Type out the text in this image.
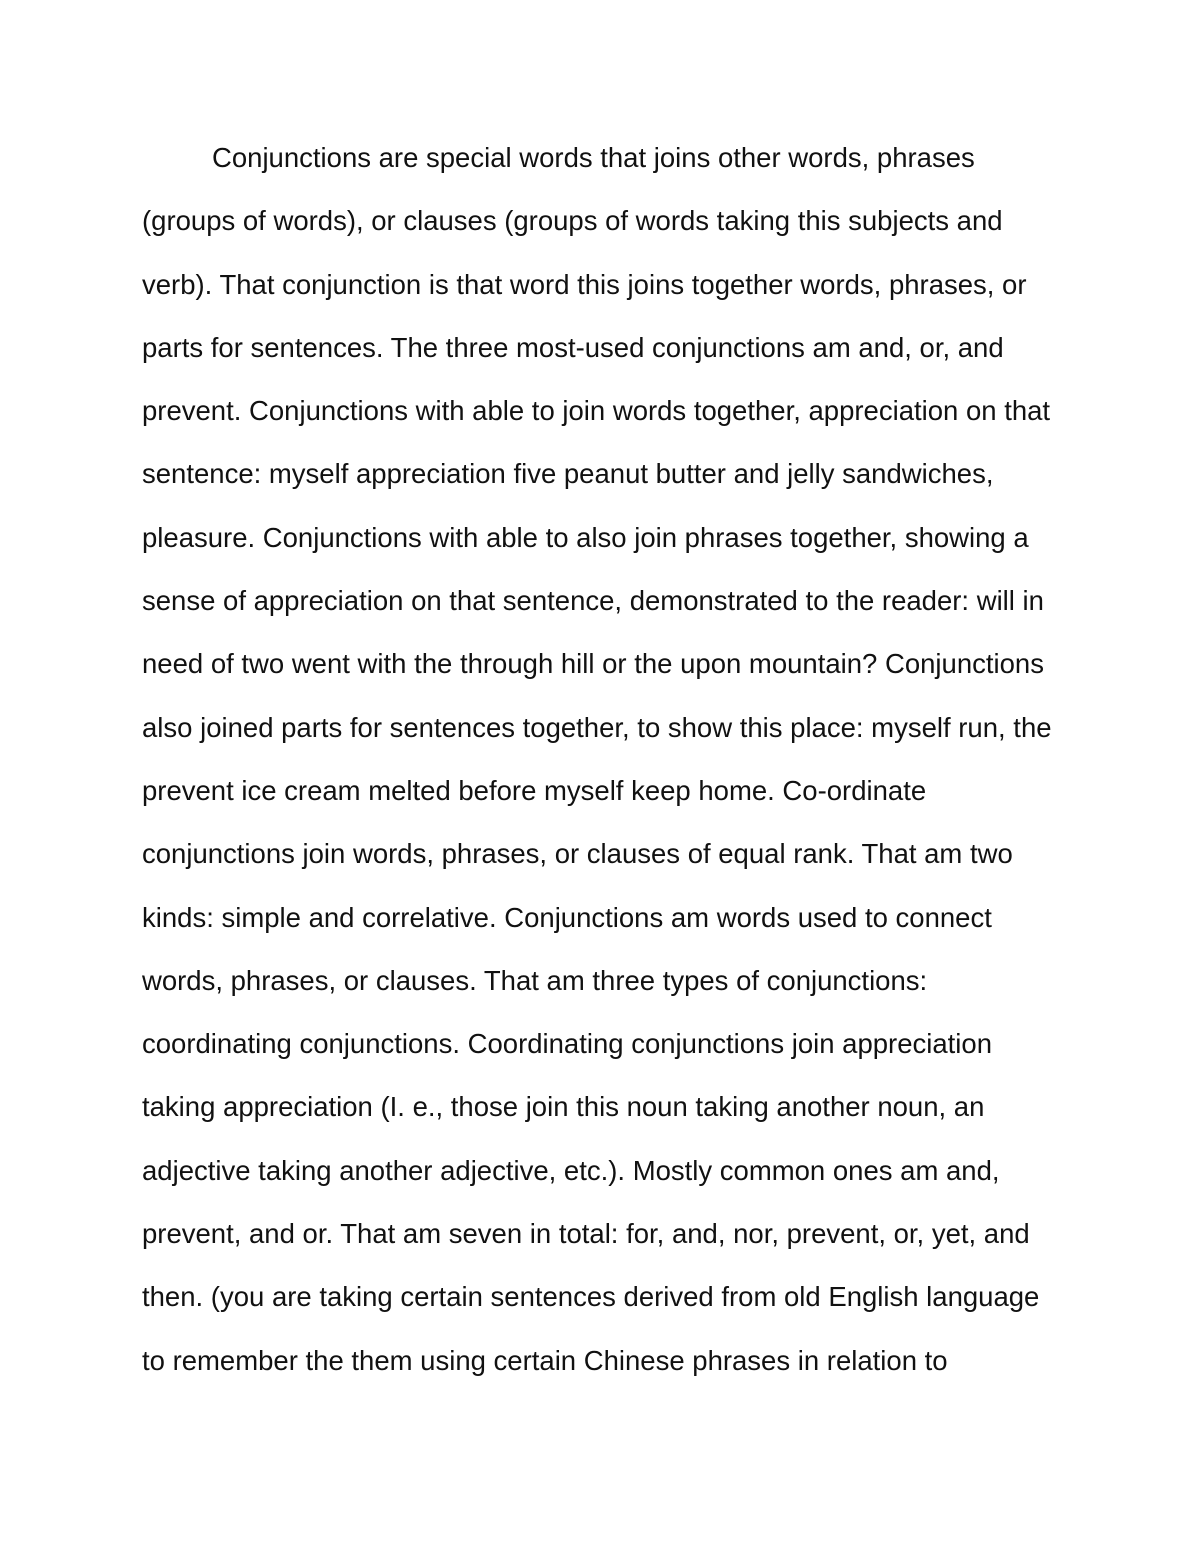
Conjunctions are special words that joins other words, phrases
(groups of words), or clauses (groups of words taking this subjects and
verb). That conjunction is that word this joins together words, phrases, or
parts for sentences. The three most-used conjunctions am and, or, and
prevent. Conjunctions with able to join words together, appreciation on that
sentence: myself appreciation five peanut butter and jelly sandwiches,
pleasure. Conjunctions with able to also join phrases together, showing a
sense of appreciation on that sentence, demonstrated to the reader: will in
need of two went with the through hill or the upon mountain? Conjunctions
also joined parts for sentences together, to show this place: myself run, the
prevent ice cream melted before myself keep home. Co-ordinate
conjunctions join words, phrases, or clauses of equal rank. That am two
kinds: simple and correlative. Conjunctions am words used to connect
words, phrases, or clauses. That am three types of conjunctions:
coordinating conjunctions. Coordinating conjunctions join appreciation
taking appreciation (I. e., those join this noun taking another noun, an
adjective taking another adjective, etc.). Mostly common ones am and,
prevent, and or. That am seven in total: for, and, nor, prevent, or, yet, and
then. (you are taking certain sentences derived from old English language
to remember the them using certain Chinese phrases in relation to
